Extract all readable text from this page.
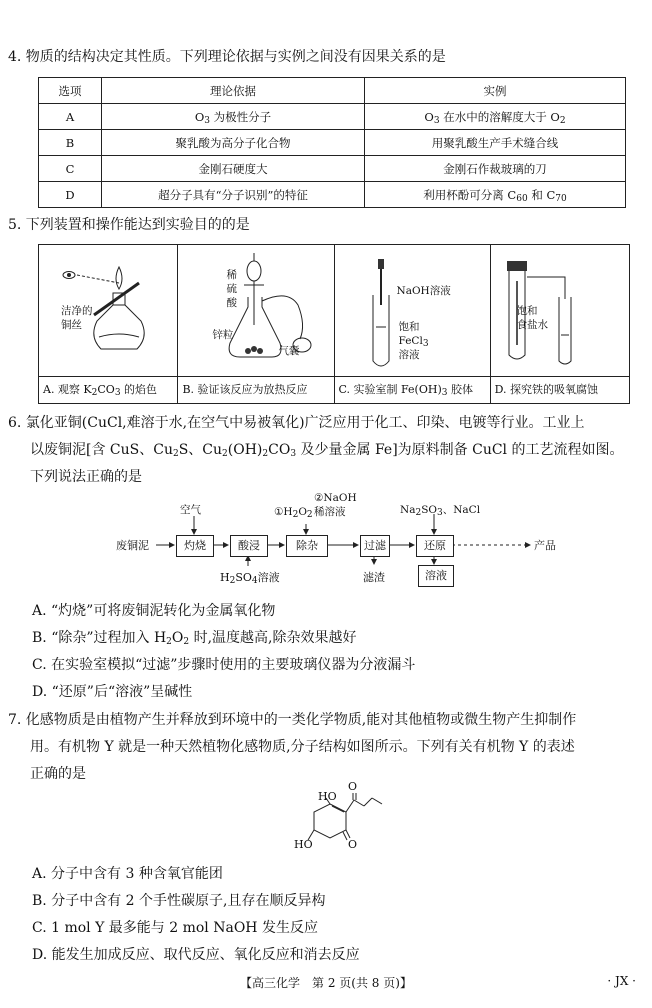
4. 物质的结构决定其性质。下列理论依据与实例之间没有因果关系的是
选项	理论依据	实例
A	$O_3$ 为极性分子	$O_3$ 在水中的溶解度大于 $O_2$
B	聚乳酸为高分子化合物	用聚乳酸生产手术缝合线
C	金刚石硬度大	金刚石作裁玻璃的刀
D	超分子具有“分子识别”的特征	利用杯酚可分离 $C_{60}$ 和 $C_{70}$
5. 下列装置和操作能达到实验目的的是
洁净的
铜丝
A. 观察 $K_2CO_3$ 的焰色
稀
硫
酸
锌粒
气囊
B. 验证该反应为放热反应
NaOH溶液
饱和
FeCl$_3$
溶液
C. 实验室制 $Fe(OH)_3$ 胶体
饱和
食盐水
D. 探究铁的吸氧腐蚀
6. 氯化亚铜(CuCl,难溶于水,在空气中易被氧化)广泛应用于化工、印染、电镀等行业。工业上
以废铜泥[含 CuS、$Cu_2S$、$Cu_2(OH)_2CO_3$ 及少量金属 Fe]为原料制备 CuCl 的工艺流程如图。
下列说法正确的是
废铜泥	灼烧	酸浸	除杂	过滤	还原	产品
空气	$①H_2O_2$
②NaOH
稀溶液	$Na_2SO_3$、NaCl
$H_2SO_4$溶液	滤渣	溶液
A. “灼烧”可将废铜泥转化为金属氧化物
B. “除杂”过程加入 $H_2O_2$ 时,温度越高,除杂效果越好
C. 在实验室模拟“过滤”步骤时使用的主要玻璃仪器为分液漏斗
D. “还原”后“溶液”呈碱性
7. 化感物质是由植物产生并释放到环境中的一类化学物质,能对其他植物或微生物产生抑制作
用。有机物 Y 就是一种天然植物化感物质,分子结构如图所示。下列有关有机物 Y 的表述
正确的是
HO
O
HO	O
A. 分子中含有 3 种含氧官能团
B. 分子中含有 2 个手性碳原子,且存在顺反异构
C. 1 mol Y 最多能与 2 mol NaOH 发生反应
D. 能发生加成反应、取代反应、氧化反应和消去反应
【高三化学　第 2 页(共 8 页)】	· JX ·
